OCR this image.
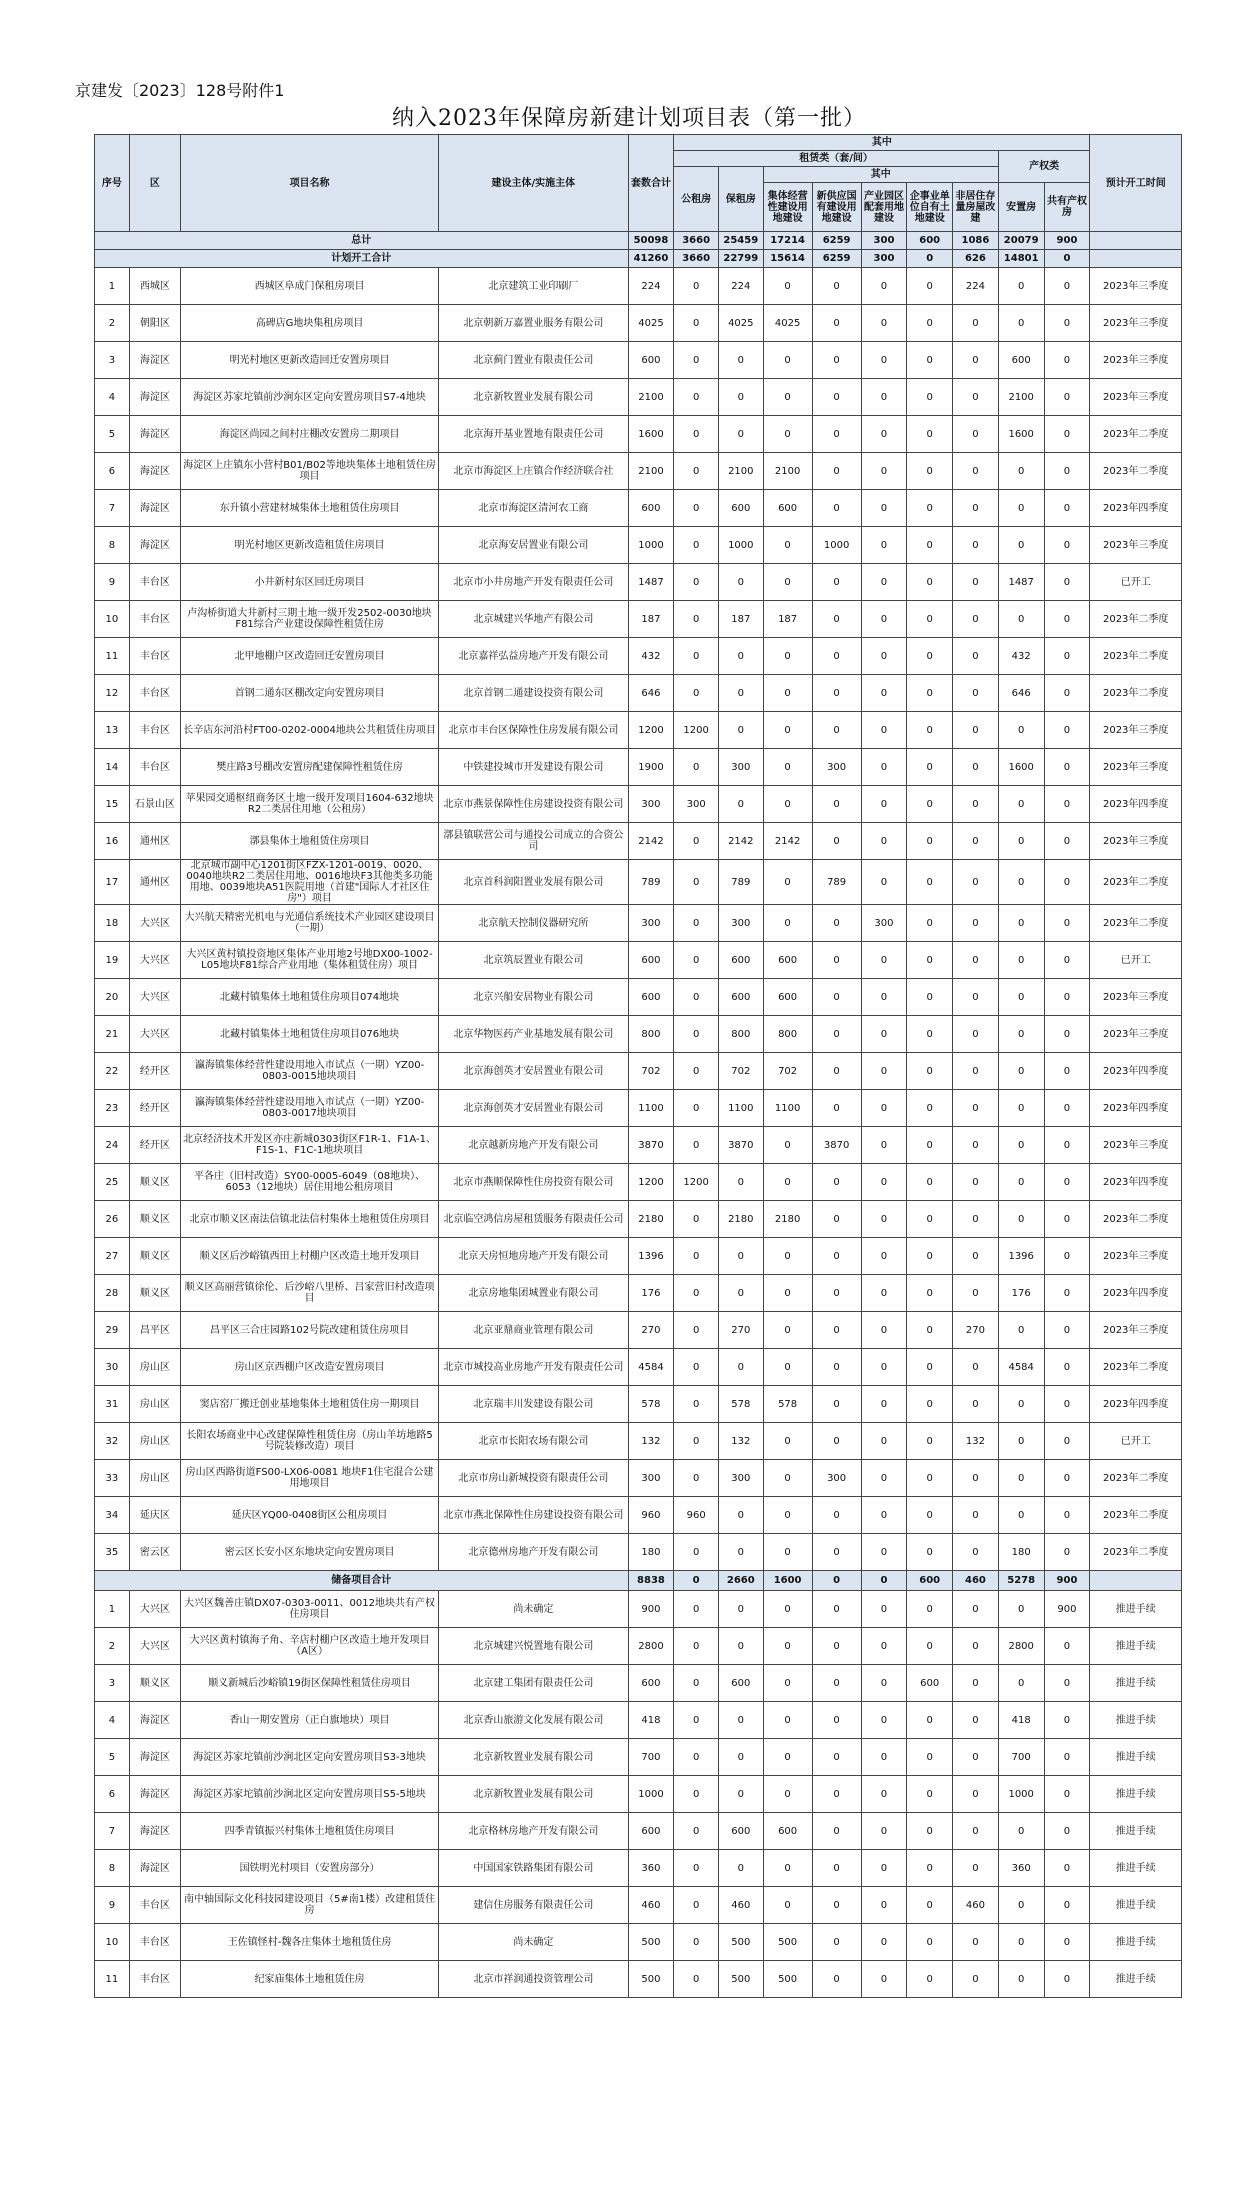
京建发〔2023〕128号附件1
纳入2023年保障房新建计划项目表（第一批）
序号	区	项目名称	建设主体/实施主体	套数合计	其中									预计开工时间
					租赁类（套/间）							产权类		
					公租房	保租房	其中							
							集体经营性建设用地建设	新供应国有建设用地建设	产业园区配套用地建设	企事业单位自有土地建设	非居住存量房屋改建	安置房	共有产权房	
总计				50098	3660	25459	17214	6259	300	600	1086	20079	900	
计划开工合计				41260	3660	22799	15614	6259	300	0	626	14801	0	
1	西城区	西城区阜成门保租房项目	北京建筑工业印刷厂	224	0	224	0	0	0	0	224	0	0	2023年三季度
2	朝阳区	高碑店G地块集租房项目	北京朝新万嘉置业服务有限公司	4025	0	4025	4025	0	0	0	0	0	0	2023年三季度
3	海淀区	明光村地区更新改造回迁安置房项目	北京蓟门置业有限责任公司	600	0	0	0	0	0	0	0	600	0	2023年三季度
4	海淀区	海淀区苏家坨镇前沙涧东区定向安置房项目S7-4地块	北京新牧置业发展有限公司	2100	0	0	0	0	0	0	0	2100	0	2023年三季度
5	海淀区	海淀区尚园之间村庄棚改安置房二期项目	北京海开基业置地有限责任公司	1600	0	0	0	0	0	0	0	1600	0	2023年二季度
6	海淀区	海淀区上庄镇东小营村B01/B02等地块集体土地租赁住房项目	北京市海淀区上庄镇合作经济联合社	2100	0	2100	2100	0	0	0	0	0	0	2023年二季度
7	海淀区	东升镇小营建材城集体土地租赁住房项目	北京市海淀区清河农工商	600	0	600	600	0	0	0	0	0	0	2023年四季度
8	海淀区	明光村地区更新改造租赁住房项目	北京海安居置业有限公司	1000	0	1000	0	1000	0	0	0	0	0	2023年三季度
9	丰台区	小井新村东区回迁房项目	北京市小井房地产开发有限责任公司	1487	0	0	0	0	0	0	0	1487	0	已开工
10	丰台区	卢沟桥街道大井新村三期土地一级开发2502-0030地块F81综合产业建设保障性租赁住房	北京城建兴华地产有限公司	187	0	187	187	0	0	0	0	0	0	2023年二季度
11	丰台区	北甲地棚户区改造回迁安置房项目	北京嘉祥弘益房地产开发有限公司	432	0	0	0	0	0	0	0	432	0	2023年二季度
12	丰台区	首钢二通东区棚改定向安置房项目	北京首钢二通建设投资有限公司	646	0	0	0	0	0	0	0	646	0	2023年二季度
13	丰台区	长辛店东河沿村FT00-0202-0004地块公共租赁住房项目	北京市丰台区保障性住房发展有限公司	1200	1200	0	0	0	0	0	0	0	0	2023年三季度
14	丰台区	樊庄路3号棚改安置房配建保障性租赁住房	中铁建投城市开发建设有限公司	1900	0	300	0	300	0	0	0	1600	0	2023年三季度
15	石景山区	苹果园交通枢纽商务区土地一级开发项目1604-632地块R2二类居住用地（公租房）	北京市燕景保障性住房建设投资有限公司	300	300	0	0	0	0	0	0	0	0	2023年四季度
16	通州区	漷县集体土地租赁住房项目	漷县镇联营公司与通投公司成立的合资公司	2142	0	2142	2142	0	0	0	0	0	0	2023年三季度
17	通州区	北京城市副中心1201街区FZX-1201-0019、0020、0040地块R2二类居住用地、0016地块F3其他类多功能用地、0039地块A51医院用地（首建"国际人才社区住房"）项目	北京首科润阳置业发展有限公司	789	0	789	0	789	0	0	0	0	0	2023年二季度
18	大兴区	大兴航天精密光机电与光通信系统技术产业园区建设项目（一期）	北京航天控制仪器研究所	300	0	300	0	0	300	0	0	0	0	2023年二季度
19	大兴区	大兴区黄村镇投资地区集体产业用地2号地DX00-1002-L05地块F81综合产业用地（集体租赁住房）项目	北京筑辰置业有限公司	600	0	600	600	0	0	0	0	0	0	已开工
20	大兴区	北藏村镇集体土地租赁住房项目074地块	北京兴船安居物业有限公司	600	0	600	600	0	0	0	0	0	0	2023年三季度
21	大兴区	北藏村镇集体土地租赁住房项目076地块	北京华物医药产业基地发展有限公司	800	0	800	800	0	0	0	0	0	0	2023年三季度
22	经开区	瀛海镇集体经营性建设用地入市试点（一期）YZ00-0803-0015地块项目	北京海创英才安居置业有限公司	702	0	702	702	0	0	0	0	0	0	2023年四季度
23	经开区	瀛海镇集体经营性建设用地入市试点（一期）YZ00-0803-0017地块项目	北京海创英才安居置业有限公司	1100	0	1100	1100	0	0	0	0	0	0	2023年四季度
24	经开区	北京经济技术开发区亦庄新城0303街区F1R-1、F1A-1、F1S-1、F1C-1地块项目	北京越新房地产开发有限公司	3870	0	3870	0	3870	0	0	0	0	0	2023年三季度
25	顺义区	平各庄（旧村改造）SY00-0005-6049（08地块）、6053（12地块）居住用地公租房项目	北京市燕顺保障性住房投资有限公司	1200	1200	0	0	0	0	0	0	0	0	2023年四季度
26	顺义区	北京市顺义区南法信镇北法信村集体土地租赁住房项目	北京临空鸿信房屋租赁服务有限责任公司	2180	0	2180	2180	0	0	0	0	0	0	2023年二季度
27	顺义区	顺义区后沙峪镇西田上村棚户区改造土地开发项目	北京天房恒地房地产开发有限公司	1396	0	0	0	0	0	0	0	1396	0	2023年三季度
28	顺义区	顺义区高丽营镇徐伦、后沙峪八里桥、吕家营旧村改造项目	北京房地集团城置业有限公司	176	0	0	0	0	0	0	0	176	0	2023年四季度
29	昌平区	昌平区三合庄园路102号院改建租赁住房项目	北京亚鼎商业管理有限公司	270	0	270	0	0	0	0	270	0	0	2023年三季度
30	房山区	房山区京西棚户区改造安置房项目	北京市城投高业房地产开发有限责任公司	4584	0	0	0	0	0	0	0	4584	0	2023年二季度
31	房山区	窦店窑厂搬迁创业基地集体土地租赁住房一期项目	北京瑞丰川发建设有限公司	578	0	578	578	0	0	0	0	0	0	2023年四季度
32	房山区	长阳农场商业中心改建保障性租赁住房（房山羊坊地路5号院装修改造）项目	北京市长阳农场有限公司	132	0	132	0	0	0	0	132	0	0	已开工
33	房山区	房山区西路街道FS00-LX06-0081 地块F1住宅混合公建用地项目	北京市房山新城投资有限责任公司	300	0	300	0	300	0	0	0	0	0	2023年二季度
34	延庆区	延庆区YQ00-0408街区公租房项目	北京市燕北保障性住房建设投资有限公司	960	960	0	0	0	0	0	0	0	0	2023年二季度
35	密云区	密云区长安小区东地块定向安置房项目	北京德州房地产开发有限公司	180	0	0	0	0	0	0	0	180	0	2023年二季度
储备项目合计				8838	0	2660	1600	0	0	600	460	5278	900	
1	大兴区	大兴区魏善庄镇DX07-0303-0011、0012地块共有产权住房项目	尚未确定	900	0	0	0	0	0	0	0	0	900	推进手续
2	大兴区	大兴区黄村镇海子角、辛店村棚户区改造土地开发项目（A区）	北京城建兴悦置地有限公司	2800	0	0	0	0	0	0	0	2800	0	推进手续
3	顺义区	顺义新城后沙峪镇19街区保障性租赁住房项目	北京建工集团有限责任公司	600	0	600	0	0	0	600	0	0	0	推进手续
4	海淀区	香山一期安置房（正白旗地块）项目	北京香山旅游文化发展有限公司	418	0	0	0	0	0	0	0	418	0	推进手续
5	海淀区	海淀区苏家坨镇前沙涧北区定向安置房项目S3-3地块	北京新牧置业发展有限公司	700	0	0	0	0	0	0	0	700	0	推进手续
6	海淀区	海淀区苏家坨镇前沙涧北区定向安置房项目S5-5地块	北京新牧置业发展有限公司	1000	0	0	0	0	0	0	0	1000	0	推进手续
7	海淀区	四季青镇振兴村集体土地租赁住房项目	北京格林房地产开发有限公司	600	0	600	600	0	0	0	0	0	0	推进手续
8	海淀区	国铁明光村项目（安置房部分）	中国国家铁路集团有限公司	360	0	0	0	0	0	0	0	360	0	推进手续
9	丰台区	南中轴国际文化科技园建设项目（5#南1楼）改建租赁住房	建信住房服务有限责任公司	460	0	460	0	0	0	0	460	0	0	推进手续
10	丰台区	王佐镇怪村-魏各庄集体土地租赁住房	尚未确定	500	0	500	500	0	0	0	0	0	0	推进手续
11	丰台区	纪家庙集体土地租赁住房	北京市祥润通投资管理公司	500	0	500	500	0	0	0	0	0	0	推进手续
